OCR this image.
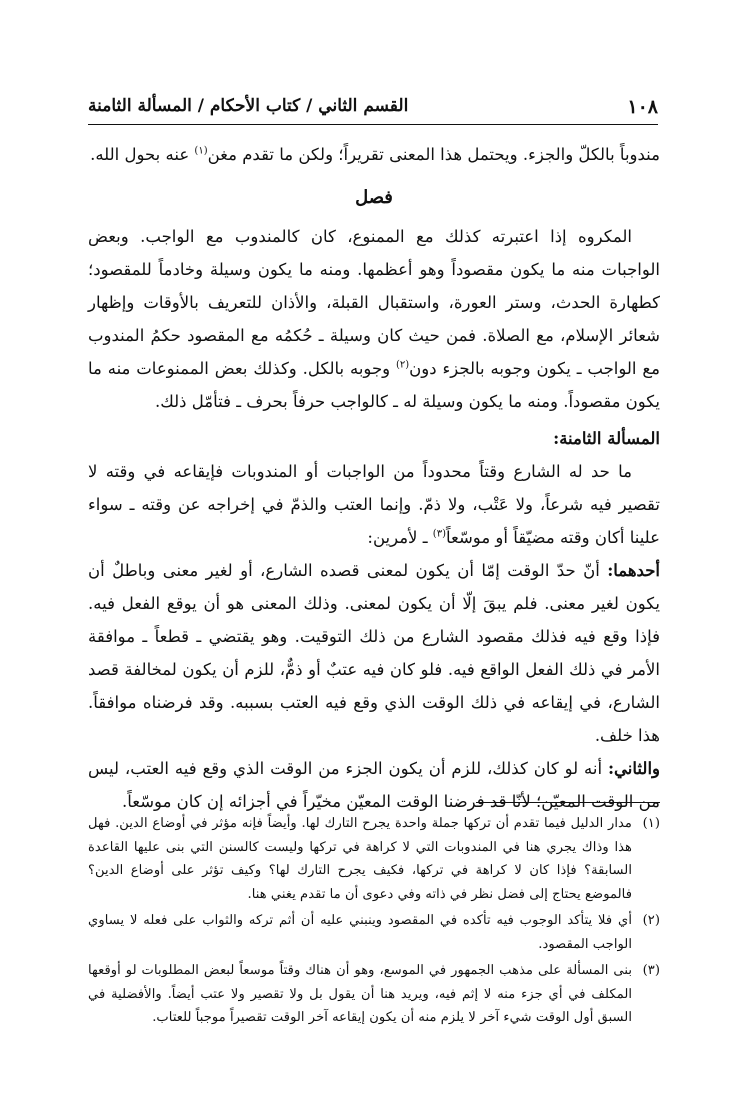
١٠٨
القسم الثاني / كتاب الأحكام / المسألة الثامنة

مندوباً بالكلّ والجزء. ويحتمل هذا المعنى تقريراً؛ ولكن ما تقدم مغن$^{(١)}$ عنه بحول الله.

فصل

المكروه إذا اعتبرته كذلك مع الممنوع، كان كالمندوب مع الواجب. وبعض الواجبات منه ما يكون مقصوداً وهو أعظمها. ومنه ما يكون وسيلة وخادماً للمقصود؛ كطهارة الحدث، وستر العورة، واستقبال القبلة، والأذان للتعريف بالأوقات وإظهار شعائر الإسلام، مع الصلاة. فمن حيث كان وسيلة ـ حُكمُه مع المقصود حكمُ المندوب مع الواجب ـ يكون وجوبه بالجزء دون$^{(٢)}$ وجوبه بالكل. وكذلك بعض الممنوعات منه ما يكون مقصوداً. ومنه ما يكون وسيلة له ـ كالواجب حرفاً بحرف ـ فتأمّل ذلك.

المسألة الثامنة:

ما حد له الشارع وقتاً محدوداً من الواجبات أو المندوبات فإيقاعه في وقته لا تقصير فيه شرعاً، ولا عَتْب، ولا ذمّ. وإنما العتب والذمّ في إخراجه عن وقته ـ سواء علينا أكان وقته مضيّقاً أو موسّعاً$^{(٣)}$ ـ لأمرين:

أحدهما: أنّ حدّ الوقت إمّا أن يكون لمعنى قصده الشارع، أو لغير معنى وباطلٌ أن يكون لغير معنى. فلم يبقَ إلّا أن يكون لمعنى. وذلك المعنى هو أن يوقع الفعل فيه. فإذا وقع فيه فذلك مقصود الشارع من ذلك التوقيت. وهو يقتضي ـ قطعاً ـ موافقة الأمر في ذلك الفعل الواقع فيه. فلو كان فيه عتبٌ أو ذمٌّ، للزم أن يكون لمخالفة قصد الشارع، في إيقاعه في ذلك الوقت الذي وقع فيه العتب بسببه. وقد فرضناه موافقاً. هذا خلف.

والثاني: أنه لو كان كذلك، للزم أن يكون الجزء من الوقت الذي وقع فيه العتب، ليس من الوقت المعيّن؛ لأنّا قد فرضنا الوقت المعيّن مخيّراً في أجزائه إن كان موسّعاً.

(١)
مدار الدليل فيما تقدم أن تركها جملة واحدة يجرح التارك لها. وأيضاً فإنه مؤثر في أوضاع الدين. فهل هذا وذاك يجري هنا في المندوبات التي لا كراهة في تركها وليست كالسنن التي بنى عليها القاعدة السابقة؟ فإذا كان لا كراهة في تركها، فكيف يجرح التارك لها؟ وكيف تؤثر على أوضاع الدين؟ فالموضع يحتاج إلى فضل نظر في ذاته وفي دعوى أن ما تقدم يغني هنا.
(٢)
أي فلا يتأكد الوجوب فيه تأكده في المقصود وينبني عليه أن أثم تركه والثواب على فعله لا يساوي الواجب المقصود.
(٣)
بنى المسألة على مذهب الجمهور في الموسع، وهو أن هناك وقتاً موسعاً لبعض المطلوبات لو أوقعها المكلف في أي جزء منه لا إثم فيه، ويريد هنا أن يقول بل ولا تقصير ولا عتب أيضاً. والأفضلية في السبق أول الوقت شيء آخر لا يلزم منه أن يكون إيقاعه آخر الوقت تقصيراً موجباً للعتاب.
